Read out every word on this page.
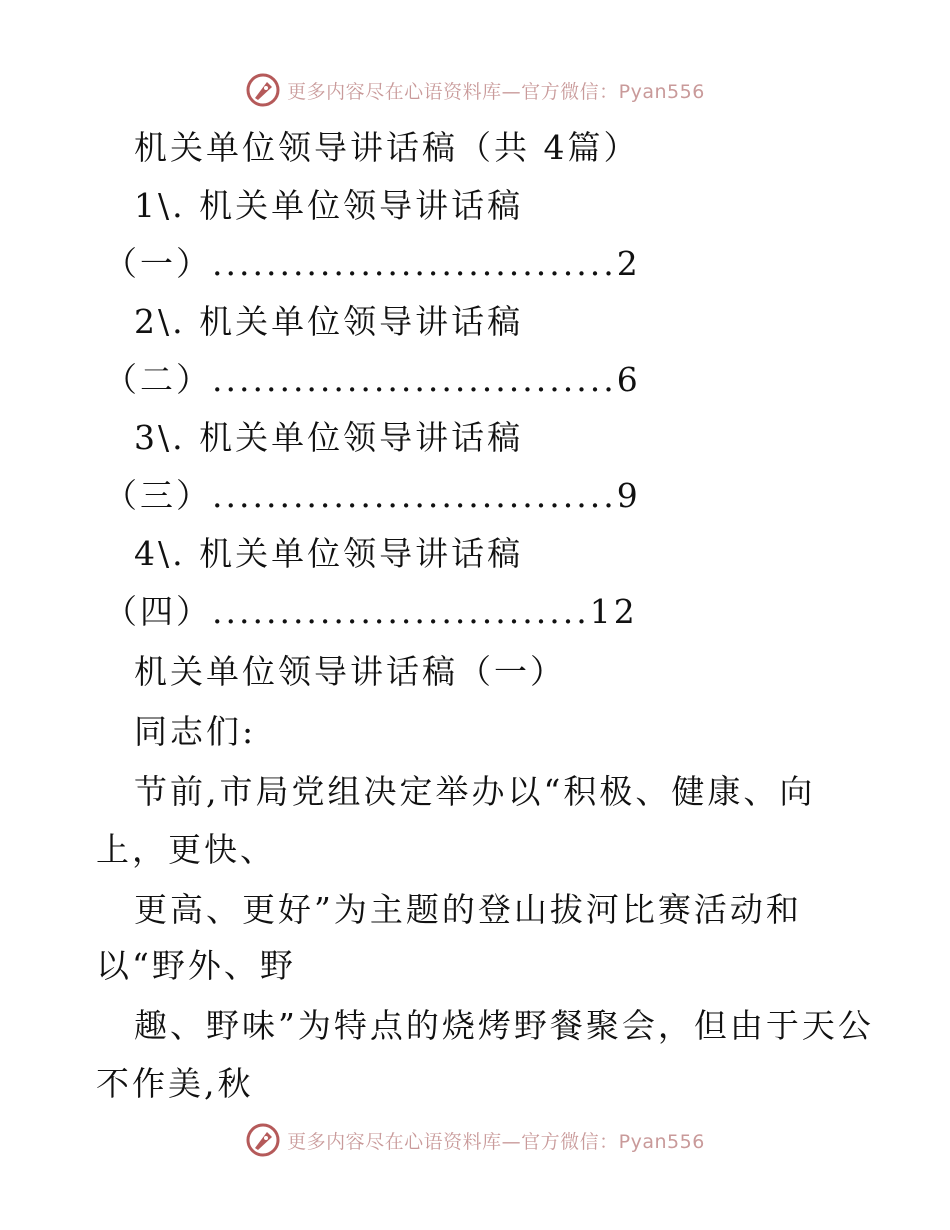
更多内容尽在心语资料库—官方微信：Pyan556
机关单位领导讲话稿（共 4篇）
1\. 机关单位领导讲话稿
（一）..............................2
2\. 机关单位领导讲话稿
（二）..............................6
3\. 机关单位领导讲话稿
（三）..............................9
4\. 机关单位领导讲话稿
（四）............................12
机关单位领导讲话稿（一）
同志们:
节前,市局党组决定举办以“积极、健康、向
上，更快、
更高、更好”为主题的登山拔河比赛活动和
以“野外、野
趣、野味”为特点的烧烤野餐聚会，但由于天公
不作美,秋
更多内容尽在心语资料库—官方微信：Pyan556
